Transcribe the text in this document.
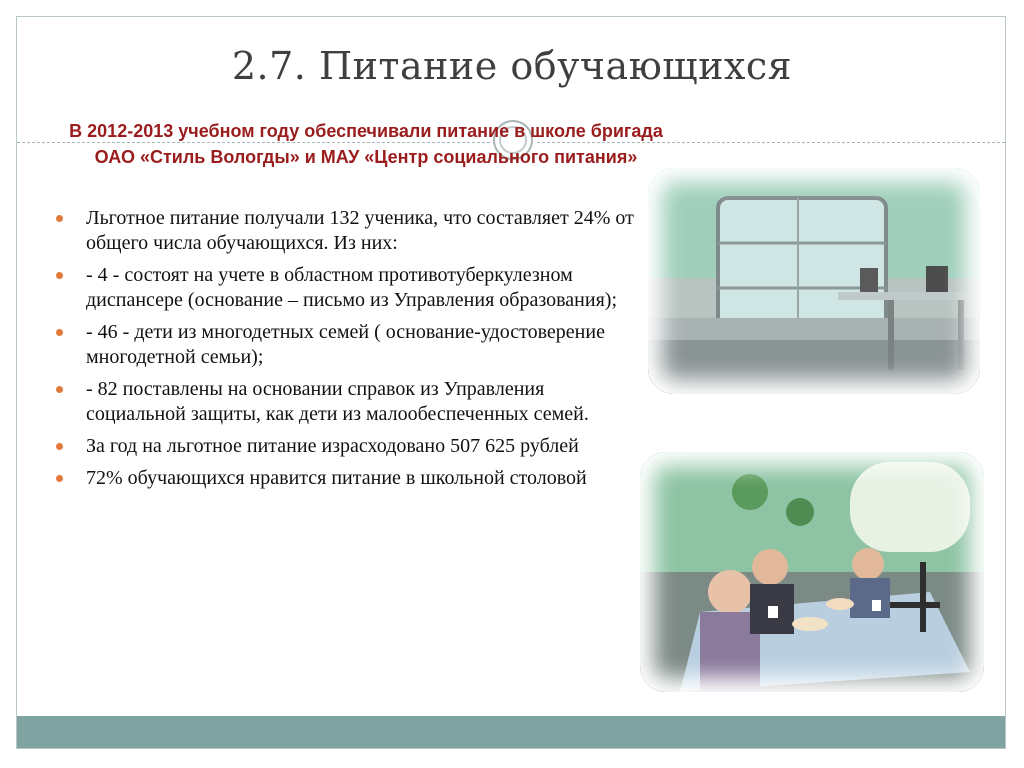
2.7. Питание обучающихся
В 2012-2013 учебном году обеспечивали питание в школе бригада ОАО «Стиль Вологды» и МАУ «Центр социального питания»
Льготное питание получали 132 ученика, что составляет 24% от общего числа обучающихся. Из них:
- 4 - состоят на учете в областном противотуберкулезном диспансере (основание – письмо из Управления образования);
- 46 - дети из многодетных семей ( основание-удостоверение многодетной семьи);
- 82 поставлены на основании справок из Управления социальной защиты, как дети из малообеспеченных семей.
За год на льготное питание израсходовано 507 625 рублей
72% обучающихся нравится питание в школьной столовой
